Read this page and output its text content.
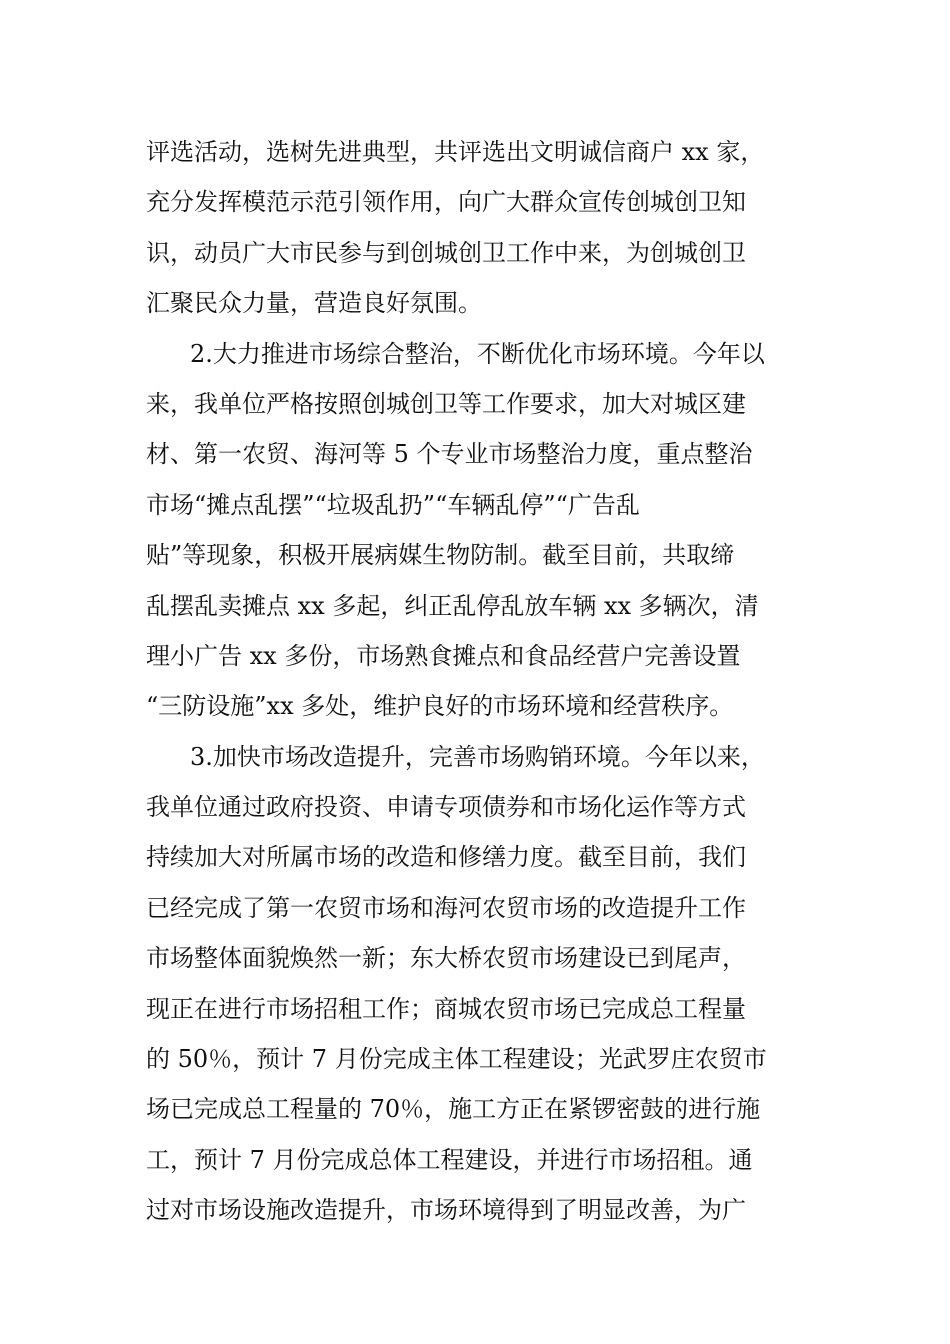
评选活动，选树先进典型，共评选出文明诚信商户 xx 家，
充分发挥模范示范引领作用，向广大群众宣传创城创卫知
识，动员广大市民参与到创城创卫工作中来，为创城创卫
汇聚民众力量，营造良好氛围。
2.大力推进市场综合整治，不断优化市场环境。今年以
来，我单位严格按照创城创卫等工作要求，加大对城区建
材、第一农贸、海河等 5 个专业市场整治力度，重点整治
市场“摊点乱摆”“垃圾乱扔”“车辆乱停”“广告乱
贴”等现象，积极开展病媒生物防制。截至目前，共取缔
乱摆乱卖摊点 xx 多起，纠正乱停乱放车辆 xx 多辆次，清
理小广告 xx 多份，市场熟食摊点和食品经营户完善设置
“三防设施”xx 多处，维护良好的市场环境和经营秩序。
3.加快市场改造提升，完善市场购销环境。今年以来，
我单位通过政府投资、申请专项债券和市场化运作等方式
持续加大对所属市场的改造和修缮力度。截至目前，我们
已经完成了第一农贸市场和海河农贸市场的改造提升工作
市场整体面貌焕然一新；东大桥农贸市场建设已到尾声，
现正在进行市场招租工作；商城农贸市场已完成总工程量
的 50％，预计 7 月份完成主体工程建设；光武罗庄农贸市
场已完成总工程量的 70％，施工方正在紧锣密鼓的进行施
工，预计 7 月份完成总体工程建设，并进行市场招租。通
过对市场设施改造提升，市场环境得到了明显改善，为广
